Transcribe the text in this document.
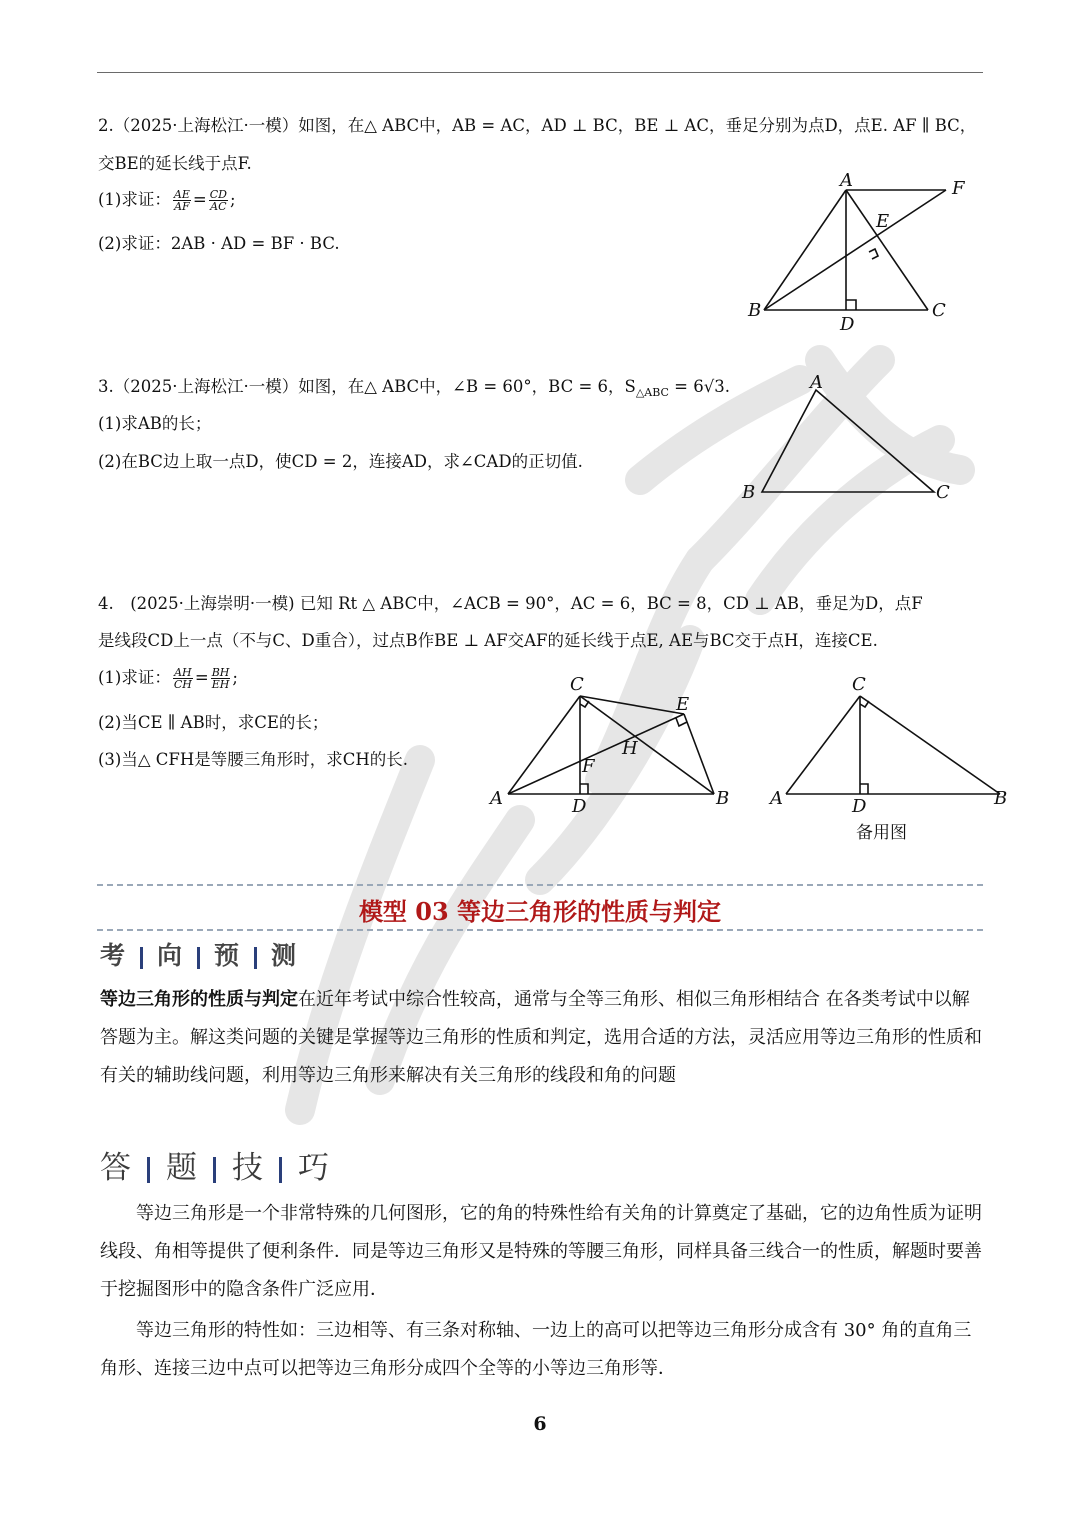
2.（2025·上海松江·一模）如图，在△ ABC中，AB = AC，AD ⊥ BC，BE ⊥ AC，垂足分别为点D，点E. AF ∥ BC，
交BE的延长线于点F.
(1)求证： $\frac{AE}{AF} = \frac{CD}{AC}$ ;
(2)求证：2AB · AD = BF · BC.
A	F
E
B
D
C
3.（2025·上海松江·一模）如图，在△ ABC中，∠B = 60°，BC = 6，$S_{\triangle ABC} = 6√3$.
(1)求AB的长；
(2)在BC边上取一点D，使CD = 2，连接AD，求∠CAD的正切值.
A
B	C
4.　(2025·上海崇明·一模) 已知 Rt △ ABC中，∠ACB = 90°，AC = 6，BC = 8，CD ⊥ AB，垂足为D，点F
是线段CD上一点（不与C、D重合），过点B作BE ⊥ AF交AF的延长线于点E, AE与BC交于点H，连接CE.
(1)求证： $\frac{AH}{CH} = \frac{BH}{EH}$ ;
(2)当CE ∥ AB时，求CE的长；
(3)当△ CFH是等腰三角形时，求CH的长.
C
E
H
F
A	D	B
C
A	D	B
备用图
模型 03 等边三角形的性质与判定
考 向 预 测
等边三角形的性质与判定在近年考试中综合性较高，通常与全等三角形、相似三角形相结合 在各类考试中以解答题为主。解这类问题的关键是掌握等边三角形的性质和判定，选用合适的方法，灵活应用等边三角形的性质和有关的辅助线问题，利用等边三角形来解决有关三角形的线段和角的问题
答 题 技 巧
等边三角形是一个非常特殊的几何图形，它的角的特殊性给有关角的计算奠定了基础，它的边角性质为证明线段、角相等提供了便利条件．同是等边三角形又是特殊的等腰三角形，同样具备三线合一的性质，解题时要善于挖掘图形中的隐含条件广泛应用．
等边三角形的特性如：三边相等、有三条对称轴、一边上的高可以把等边三角形分成含有 30° 角的直角三角形、连接三边中点可以把等边三角形分成四个全等的小等边三角形等．
6
